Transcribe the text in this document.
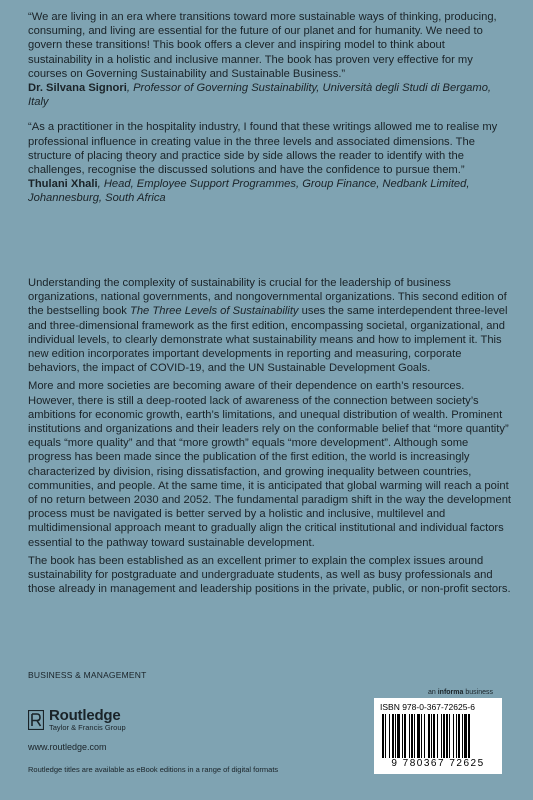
“We are living in an era where transitions toward more sustainable ways of thinking, producing, consuming, and living are essential for the future of our planet and for humanity. We need to govern these transitions! This book offers a clever and inspiring model to think about sustainability in a holistic and inclusive manner. The book has proven very effective for my courses on Governing Sustainability and Sustainable Business.”

Dr. Silvana Signori, Professor of Governing Sustainability, Università degli Studi di Bergamo, Italy

“As a practitioner in the hospitality industry, I found that these writings allowed me to realise my professional influence in creating value in the three levels and associated dimensions. The structure of placing theory and practice side by side allows the reader to identify with the challenges, recognise the discussed solutions and have the confidence to pursue them.”

Thulani Xhali, Head, Employee Support Programmes, Group Finance, Nedbank Limited, Johannesburg, South Africa

Understanding the complexity of sustainability is crucial for the leadership of business organizations, national governments, and nongovernmental organizations. This second edition of the bestselling book The Three Levels of Sustainability uses the same interdependent three-level and three-dimensional framework as the first edition, encompassing societal, organizational, and individual levels, to clearly demonstrate what sustainability means and how to implement it. This new edition incorporates important developments in reporting and measuring, corporate behaviors, the impact of COVID-19, and the UN Sustainable Development Goals.

More and more societies are becoming aware of their dependence on earth’s resources. However, there is still a deep-rooted lack of awareness of the connection between society’s ambitions for economic growth, earth’s limitations, and unequal distribution of wealth. Prominent institutions and organizations and their leaders rely on the conformable belief that “more quantity” equals “more quality” and that “more growth” equals “more development”. Although some progress has been made since the publication of the first edition, the world is increasingly characterized by division, rising dissatisfaction, and growing inequality between countries, communities, and people. At the same time, it is anticipated that global warming will reach a point of no return between 2030 and 2052. The fundamental paradigm shift in the way the development process must be navigated is better served by a holistic and inclusive, multilevel and multidimensional approach meant to gradually align the critical institutional and individual factors essential to the pathway toward sustainable development.

The book has been established as an excellent primer to explain the complex issues around sustainability for postgraduate and undergraduate students, as well as busy professionals and those already in management and leadership positions in the private, public, or non-profit sectors.

BUSINESS & MANAGEMENT
Routledge
Taylor & Francis Group
www.routledge.com
Routledge titles are available as eBook editions in a range of digital formats
an informa business
ISBN 978-0-367-72625-6
9 780367 72625
